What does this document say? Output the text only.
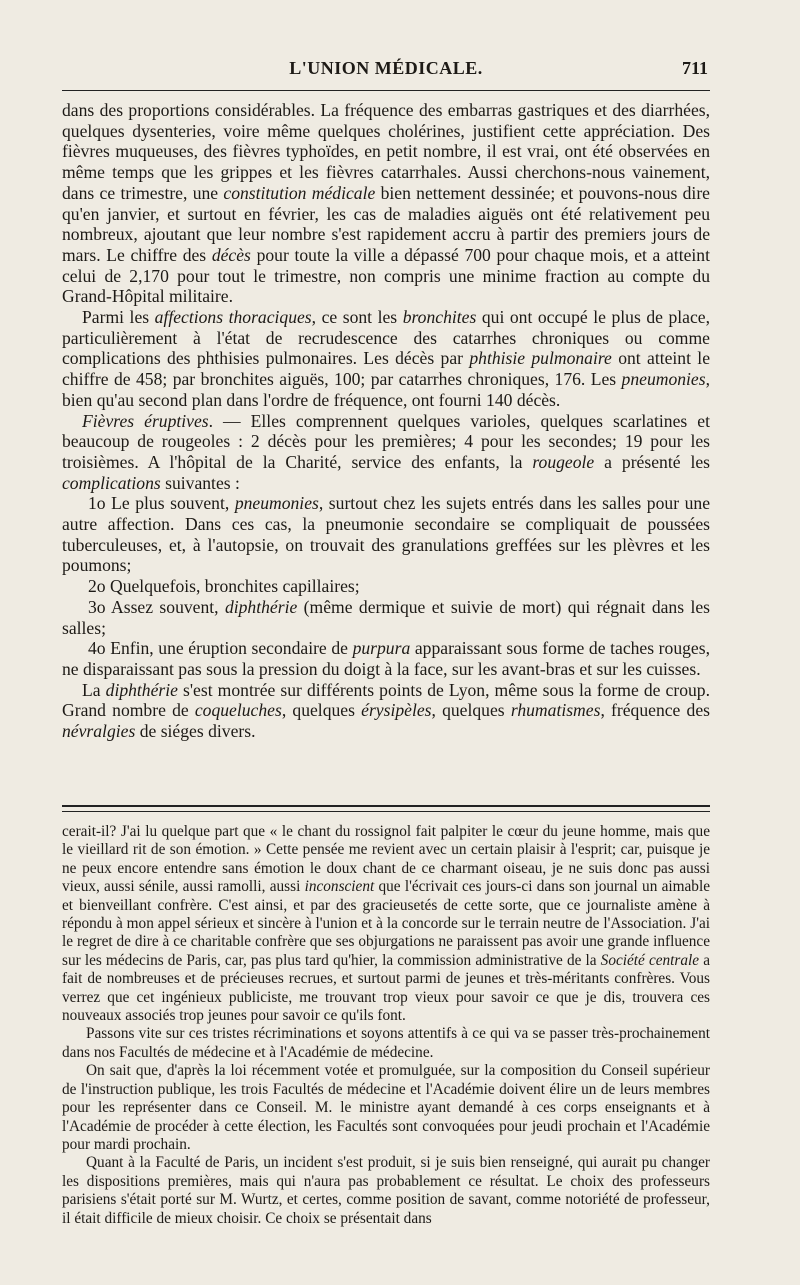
L'UNION MÉDICALE.	711

dans des proportions considérables. La fréquence des embarras gastriques et des diarrhées, quelques dysenteries, voire même quelques cholérines, justifient cette appréciation. Des fièvres muqueuses, des fièvres typhoïdes, en petit nombre, il est vrai, ont été observées en même temps que les grippes et les fièvres catarrhales. Aussi cherchons-nous vainement, dans ce trimestre, une constitution médicale bien nettement dessinée; et pouvons-nous dire qu'en janvier, et surtout en février, les cas de maladies aiguës ont été relativement peu nombreux, ajoutant que leur nombre s'est rapidement accru à partir des premiers jours de mars. Le chiffre des décès pour toute la ville a dépassé 700 pour chaque mois, et a atteint celui de 2,170 pour tout le trimestre, non compris une minime fraction au compte du Grand-Hôpital militaire.

Parmi les affections thoraciques, ce sont les bronchites qui ont occupé le plus de place, particulièrement à l'état de recrudescence des catarrhes chroniques ou comme complications des phthisies pulmonaires. Les décès par phthisie pulmonaire ont atteint le chiffre de 458; par bronchites aiguës, 100; par catarrhes chroniques, 176. Les pneumonies, bien qu'au second plan dans l'ordre de fréquence, ont fourni 140 décès.

Fièvres éruptives. — Elles comprennent quelques varioles, quelques scarlatines et beaucoup de rougeoles : 2 décès pour les premières; 4 pour les secondes; 19 pour les troisièmes. A l'hôpital de la Charité, service des enfants, la rougeole a présenté les complications suivantes :

1o Le plus souvent, pneumonies, surtout chez les sujets entrés dans les salles pour une autre affection. Dans ces cas, la pneumonie secondaire se compliquait de poussées tuberculeuses, et, à l'autopsie, on trouvait des granulations greffées sur les plèvres et les poumons;

2o Quelquefois, bronchites capillaires;

3o Assez souvent, diphthérie (même dermique et suivie de mort) qui régnait dans les salles;

4o Enfin, une éruption secondaire de purpura apparaissant sous forme de taches rouges, ne disparaissant pas sous la pression du doigt à la face, sur les avant-bras et sur les cuisses.

La diphthérie s'est montrée sur différents points de Lyon, même sous la forme de croup. Grand nombre de coqueluches, quelques érysipèles, quelques rhumatismes, fréquence des névralgies de siéges divers.

cerait-il? J'ai lu quelque part que « le chant du rossignol fait palpiter le cœur du jeune homme, mais que le vieillard rit de son émotion. » Cette pensée me revient avec un certain plaisir à l'esprit; car, puisque je ne peux encore entendre sans émotion le doux chant de ce charmant oiseau, je ne suis donc pas aussi vieux, aussi sénile, aussi ramolli, aussi inconscient que l'écrivait ces jours-ci dans son journal un aimable et bienveillant confrère. C'est ainsi, et par des gracieusetés de cette sorte, que ce journaliste amène à répondu à mon appel sérieux et sincère à l'union et à la concorde sur le terrain neutre de l'Association. J'ai le regret de dire à ce charitable confrère que ses objurgations ne paraissent pas avoir une grande influence sur les médecins de Paris, car, pas plus tard qu'hier, la commission administrative de la Société centrale a fait de nombreuses et de précieuses recrues, et surtout parmi de jeunes et très-méritants confrères. Vous verrez que cet ingénieux publiciste, me trouvant trop vieux pour savoir ce que je dis, trouvera ces nouveaux associés trop jeunes pour savoir ce qu'ils font.

Passons vite sur ces tristes récriminations et soyons attentifs à ce qui va se passer très-prochainement dans nos Facultés de médecine et à l'Académie de médecine.

On sait que, d'après la loi récemment votée et promulguée, sur la composition du Conseil supérieur de l'instruction publique, les trois Facultés de médecine et l'Académie doivent élire un de leurs membres pour les représenter dans ce Conseil. M. le ministre ayant demandé à ces corps enseignants et à l'Académie de procéder à cette élection, les Facultés sont convoquées pour jeudi prochain et l'Académie pour mardi prochain.

Quant à la Faculté de Paris, un incident s'est produit, si je suis bien renseigné, qui aurait pu changer les dispositions premières, mais qui n'aura pas probablement ce résultat. Le choix des professeurs parisiens s'était porté sur M. Wurtz, et certes, comme position de savant, comme notoriété de professeur, il était difficile de mieux choisir. Ce choix se présentait dans
